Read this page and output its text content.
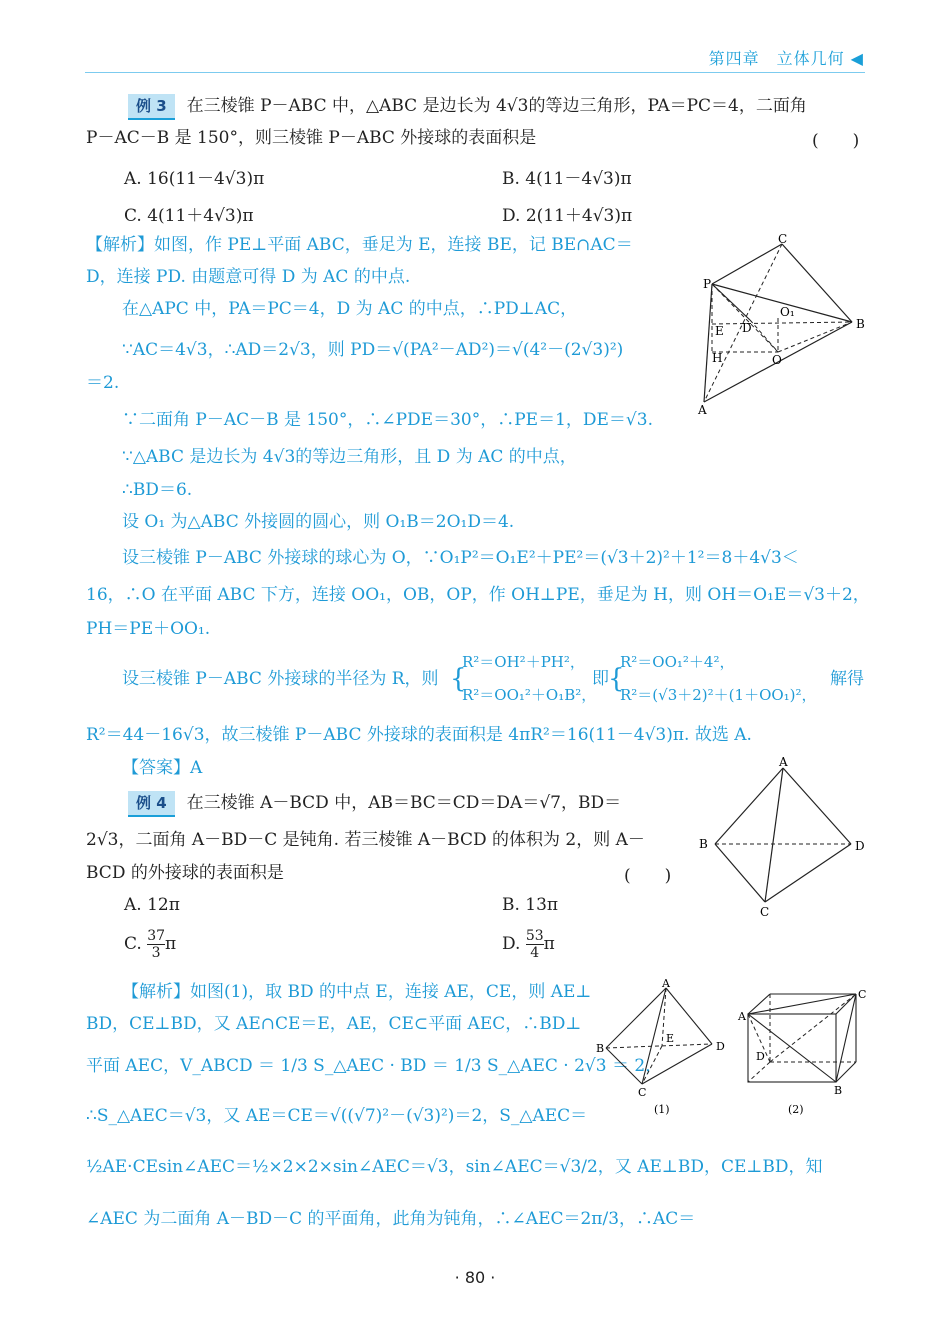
第四章　立体几何 ◀
例 3 在三棱锥 P－ABC 中，△ABC 是边长为 4√3的等边三角形，PA＝PC＝4，二面角
P－AC－B 是 150°，则三棱锥 P－ABC 外接球的表面积是	(　　)
A. 16(11－4√3)π	B. 4(11－4√3)π
C. 4(11＋4√3)π	D. 2(11＋4√3)π
【解析】如图，作 PE⊥平面 ABC，垂足为 E，连接 BE，记 BE∩AC＝
D，连接 PD. 由题意可得 D 为 AC 的中点.
在△APC 中，PA＝PC＝4，D 为 AC 的中点，∴PD⊥AC，
∵AC＝4√3，∴AD＝2√3，则 PD＝√(PA²－AD²)＝√(4²－(2√3)²)
＝2.
∵二面角 P－AC－B 是 150°，∴∠PDE＝30°，∴PE＝1，DE＝√3.
∵△ABC 是边长为 4√3的等边三角形，且 D 为 AC 的中点，
∴BD＝6.
设 O₁ 为△ABC 外接圆的圆心，则 O₁B＝2O₁D＝4.
设三棱锥 P－ABC 外接球的球心为 O，∵O₁P²＝O₁E²＋PE²＝(√3＋2)²＋1²＝8＋4√3＜
16，∴O 在平面 ABC 下方，连接 OO₁，OB，OP，作 OH⊥PE，垂足为 H，则 OH＝O₁E＝√3＋2，
PH＝PE＋OO₁.
设三棱锥 P－ABC 外接球的半径为 R，则 {
R²＝OH²＋PH²，
R²＝OO₁²＋O₁B²，
即 {
R²＝OO₁²＋4²，
R²＝(√3＋2)²＋(1＋OO₁)²，
解得
R²＝44－16√3，故三棱锥 P－ABC 外接球的表面积是 4πR²＝16(11－4√3)π. 故选 A.
【答案】A
C
P
B
E D
O₁
H	O
A
例 4 在三棱锥 A－BCD 中，AB＝BC＝CD＝DA＝√7，BD＝
2√3，二面角 A－BD－C 是钝角. 若三棱锥 A－BCD 的体积为 2，则 A－
BCD 的外接球的表面积是	(　　)
A. 12π	B. 13π
C. $\frac{37}{3}$ π	D. $\frac{53}{4}$ π
A
B	D
C
【解析】如图(1)，取 BD 的中点 E，连接 AE，CE，则 AE⊥
BD，CE⊥BD，又 AE∩CE＝E，AE，CE⊂平面 AEC，∴BD⊥
平面 AEC，V_ABCD ＝ 1/3 S_△AEC · BD ＝ 1/3 S_△AEC · 2√3 ＝ 2，
∴S_△AEC＝√3，又 AE＝CE＝√((√7)²－(√3)²)＝2，S_△AEC＝
½AE·CEsin∠AEC＝½×2×2×sin∠AEC＝√3，sin∠AEC＝√3/2，又 AE⊥BD，CE⊥BD，知
∠AEC 为二面角 A－BD－C 的平面角，此角为钝角，∴∠AEC＝2π/3，∴AC＝
A
B	D
E
C
(1)
A
C
D
B
(2)
· 80 ·
